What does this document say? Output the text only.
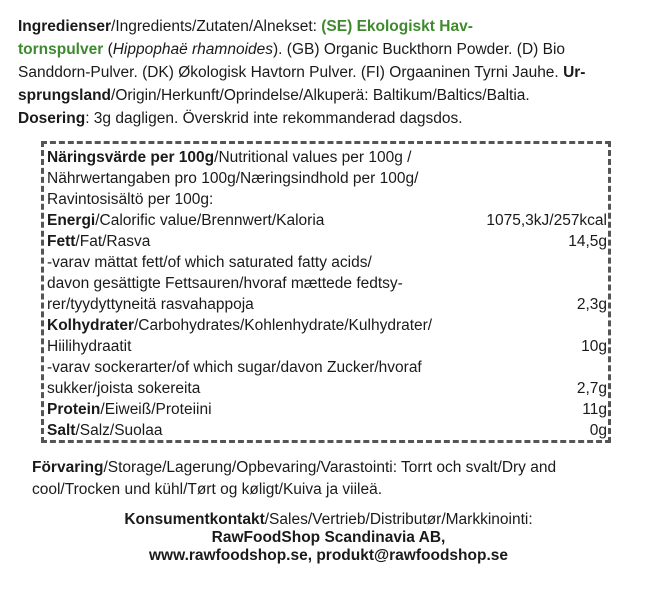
Ingredienser/Ingredients/Zutaten/Alnekset: (SE) Ekologiskt Hav-
tornspulver (Hippophaë rhamnoides). (GB) Organic Buckthorn Powder. (D) Bio
Sanddorn-Pulver. (DK) Økologisk Havtorn Pulver. (FI) Orgaaninen Tyrni Jauhe. Ur-
sprungsland/Origin/Herkunft/Oprindelse/Alkuperä: Baltikum/Baltics/Baltia.
Dosering: 3g dagligen. Överskrid inte rekommanderad dagsdos.
Näringsvärde per 100g/Nutritional values per 100g /
Nährwertangaben pro 100g/Næringsindhold per 100g/
Ravintosisältö per 100g:
Energi/Calorific value/Brennwert/Kaloria	1075,3kJ/257kcal
Fett/Fat/Rasva	14,5g
-varav mättat fett/of which saturated fatty acids/
davon gesättigte Fettsauren/hvoraf mættede fedtsy-
rer/tyydyttyneitä rasvahappoja	2,3g
Kolhydrater/Carbohydrates/Kohlenhydrate/Kulhydrater/
Hiilihydraatit	10g
-varav sockerarter/of which sugar/davon Zucker/hvoraf
sukker/joista sokereita	2,7g
Protein/Eiweiß/Proteiini	11g
Salt/Salz/Suolaa	0g
Förvaring/Storage/Lagerung/Opbevaring/Varastointi: Torrt och svalt/Dry and
cool/Trocken und kühl/Tørt og køligt/Kuiva ja viileä.
Konsumentkontakt/Sales/Vertrieb/Distributør/Markkinointi:
RawFoodShop Scandinavia AB,
www.rawfoodshop.se, produkt@rawfoodshop.se
